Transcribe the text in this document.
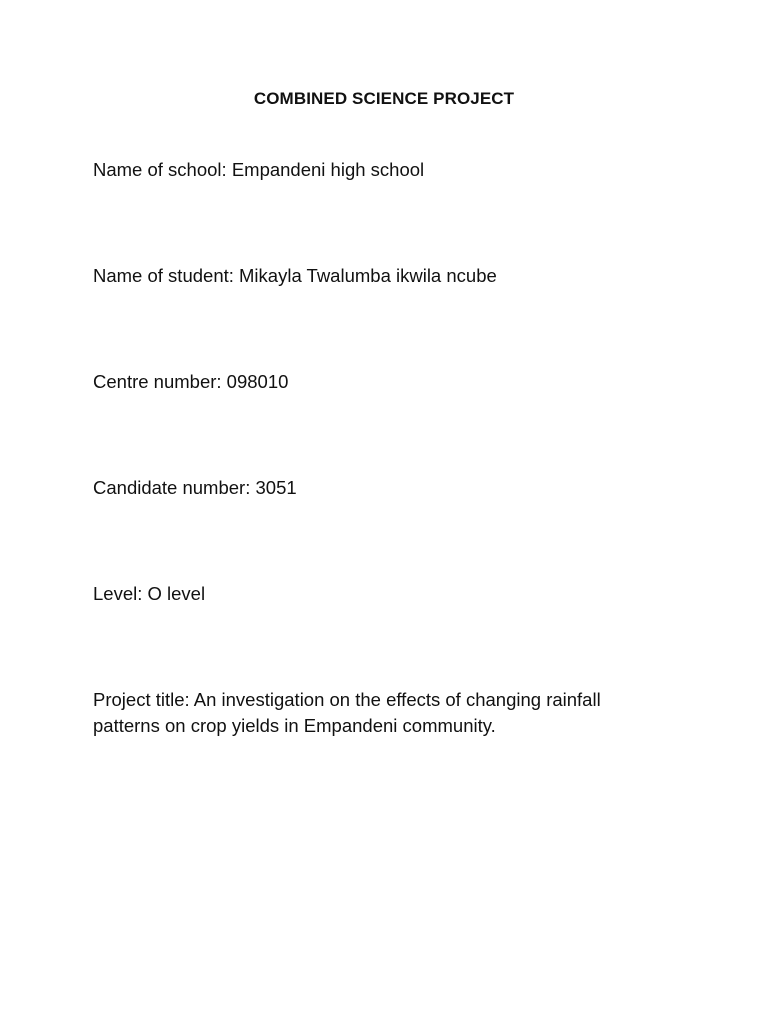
COMBINED SCIENCE PROJECT
Name of school: Empandeni high school
Name of student: Mikayla Twalumba ikwila ncube
Centre number: 098010
Candidate number: 3051
Level: O level
Project title: An investigation on the effects of changing rainfall patterns on crop yields in Empandeni community.
